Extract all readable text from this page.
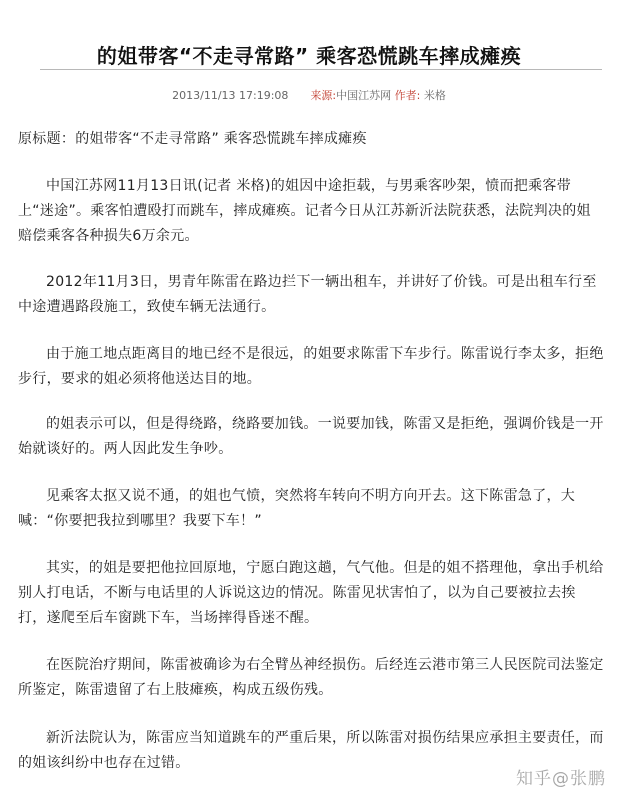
的姐带客“不走寻常路” 乘客恐慌跳车摔成瘫痪
2013/11/13 17:19:08 来源:中国江苏网 作者: 米格

原标题：的姐带客“不走寻常路” 乘客恐慌跳车摔成瘫痪

中国江苏网11月13日讯(记者 米格)的姐因中途拒载，与男乘客吵架，愤而把乘客带上“迷途”。乘客怕遭殴打而跳车，摔成瘫痪。记者今日从江苏新沂法院获悉，法院判决的姐赔偿乘客各种损失6万余元。

2012年11月3日，男青年陈雷在路边拦下一辆出租车，并讲好了价钱。可是出租车行至中途遭遇路段施工，致使车辆无法通行。

由于施工地点距离目的地已经不是很远，的姐要求陈雷下车步行。陈雷说行李太多，拒绝步行，要求的姐必须将他送达目的地。

的姐表示可以，但是得绕路，绕路要加钱。一说要加钱，陈雷又是拒绝，强调价钱是一开始就谈好的。两人因此发生争吵。

见乘客太抠又说不通，的姐也气愤，突然将车转向不明方向开去。这下陈雷急了，大喊：“你要把我拉到哪里？我要下车！”

其实，的姐是要把他拉回原地，宁愿白跑这趟，气气他。但是的姐不搭理他，拿出手机给别人打电话，不断与电话里的人诉说这边的情况。陈雷见状害怕了，以为自己要被拉去挨打，遂爬至后车窗跳下车，当场摔得昏迷不醒。

在医院治疗期间，陈雷被确诊为右全臂丛神经损伤。后经连云港市第三人民医院司法鉴定所鉴定，陈雷遗留了右上肢瘫痪，构成五级伤残。

新沂法院认为，陈雷应当知道跳车的严重后果，所以陈雷对损伤结果应承担主要责任，而的姐该纠纷中也存在过错。

知乎@张鹏
